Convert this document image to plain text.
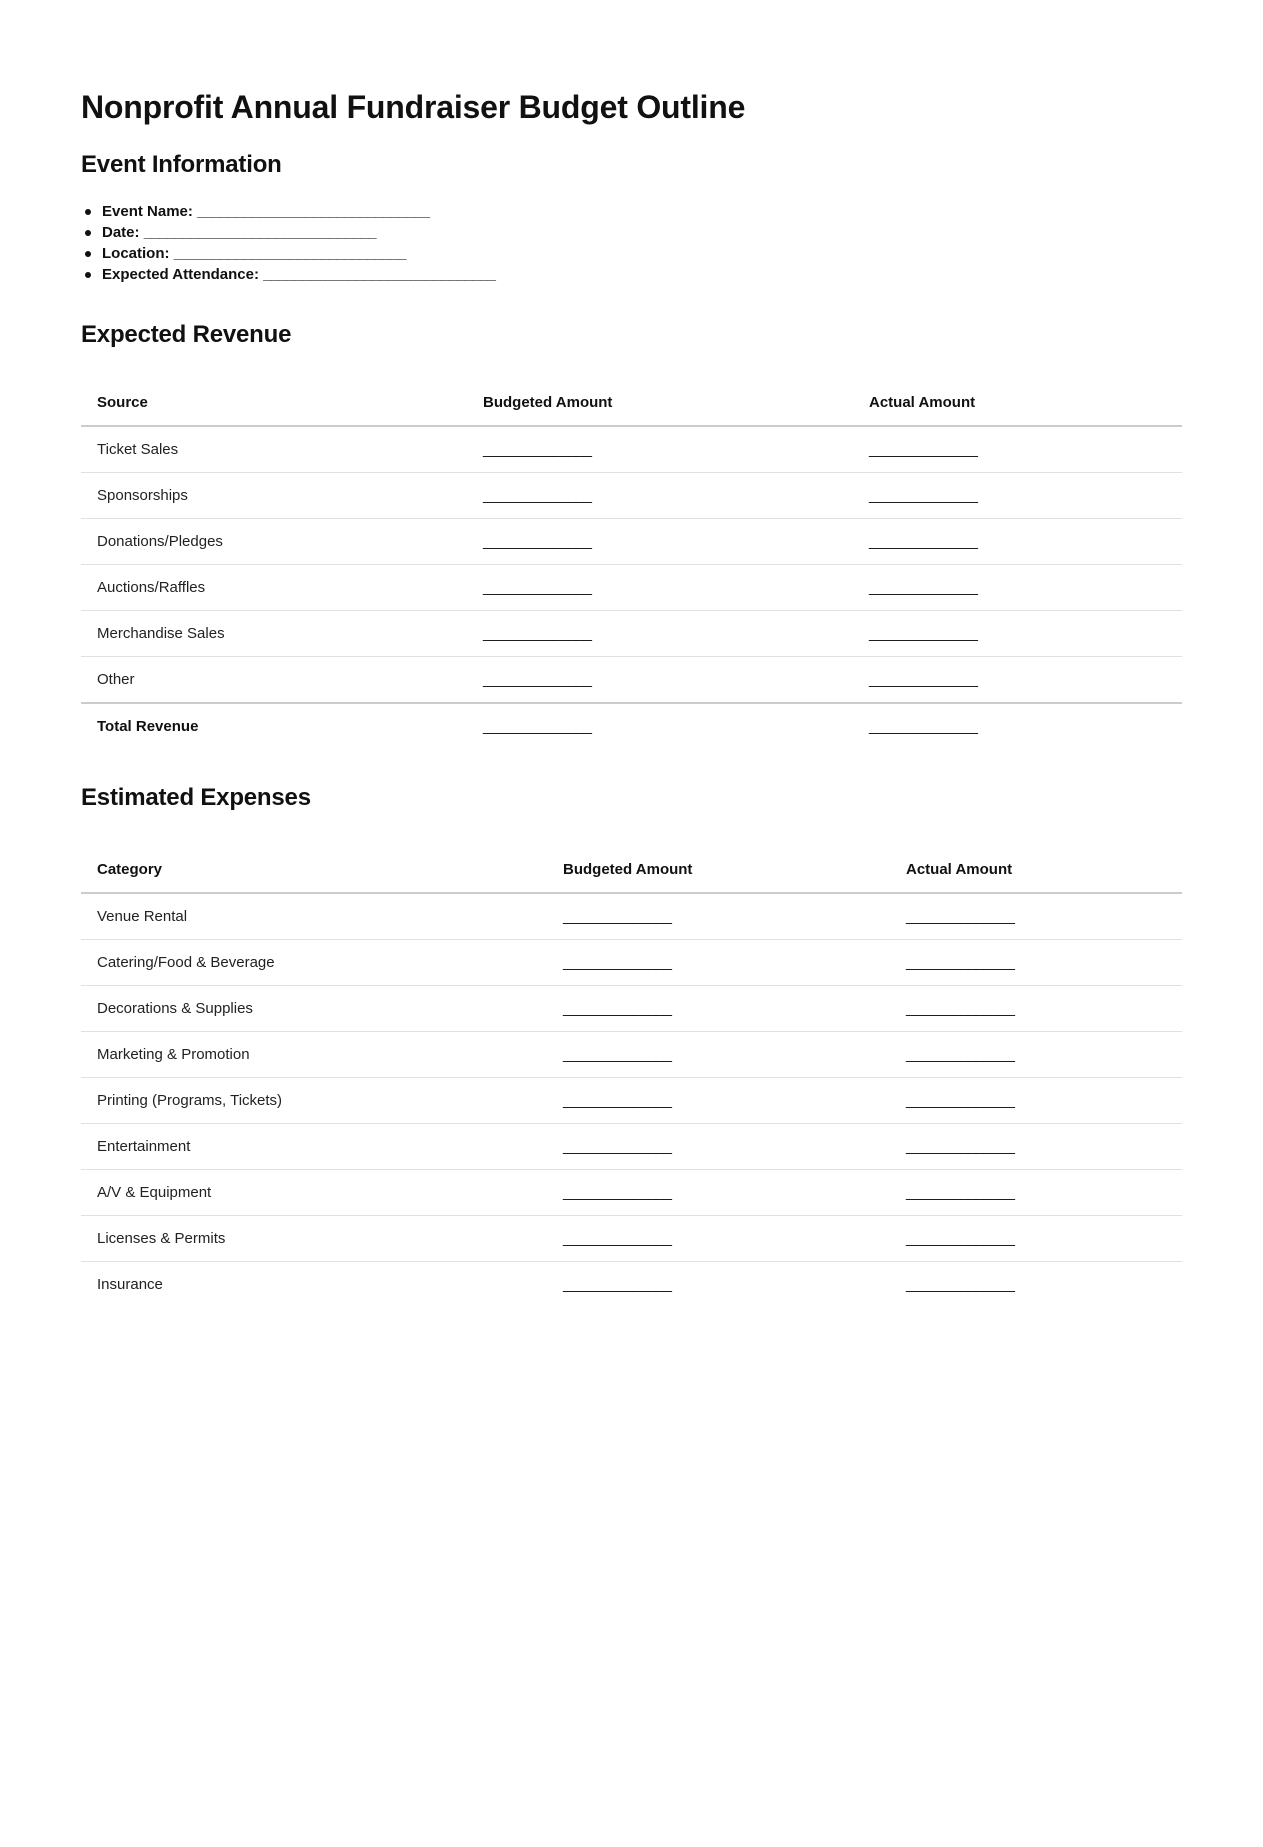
Nonprofit Annual Fundraiser Budget Outline
Event Information
Event Name: ______________________________
Date: ______________________________
Location: ______________________________
Expected Attendance: ______________________________
Expected Revenue
Source	Budgeted Amount	Actual Amount
Ticket Sales	______________	______________
Sponsorships	______________	______________
Donations/Pledges	______________	______________
Auctions/Raffles	______________	______________
Merchandise Sales	______________	______________
Other	______________	______________
Total Revenue	______________	______________
Estimated Expenses
Category	Budgeted Amount	Actual Amount
Venue Rental	______________	______________
Catering/Food & Beverage	______________	______________
Decorations & Supplies	______________	______________
Marketing & Promotion	______________	______________
Printing (Programs, Tickets)	______________	______________
Entertainment	______________	______________
A/V & Equipment	______________	______________
Licenses & Permits	______________	______________
Insurance	______________	______________
